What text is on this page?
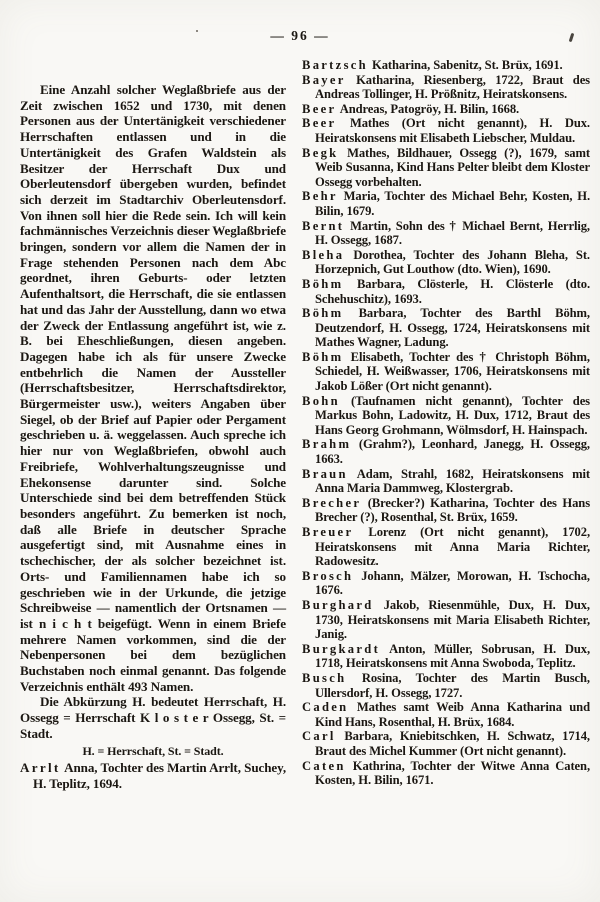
— 96 —

Eine Anzahl solcher Weglaßbriefe aus der Zeit zwischen 1652 und 1730, mit denen Personen aus der Untertänigkeit verschiedener Herrschaften entlassen und in die Untertänigkeit des Grafen Waldstein als Besitzer der Herrschaft Dux und Oberleutensdorf übergeben wurden, befindet sich derzeit im Stadtarchiv Oberleutensdorf. Von ihnen soll hier die Rede sein. Ich will kein fachmännisches Verzeichnis dieser Weglaßbriefe bringen, sondern vor allem die Namen der in Frage stehenden Personen nach dem Abc geordnet, ihren Geburts- oder letzten Aufenthaltsort, die Herrschaft, die sie entlassen hat und das Jahr der Ausstellung, dann wo etwa der Zweck der Entlassung angeführt ist, wie z. B. bei Eheschließungen, diesen angeben. Dagegen habe ich als für unsere Zwecke entbehrlich die Namen der Aussteller (Herrschaftsbesitzer, Herrschaftsdirektor, Bürgermeister usw.), weiters Angaben über Siegel, ob der Brief auf Papier oder Pergament geschrieben u. ä. weggelassen. Auch spreche ich hier nur von Weglaßbriefen, obwohl auch Freibriefe, Wohlverhaltungszeugnisse und Ehekonsense darunter sind. Solche Unterschiede sind bei dem betreffenden Stück besonders angeführt. Zu bemerken ist noch, daß alle Briefe in deutscher Sprache ausgefertigt sind, mit Ausnahme eines in tschechischer, der als solcher bezeichnet ist. Orts- und Familiennamen habe ich so geschrieben wie in der Urkunde, die jetzige Schreibweise — namentlich der Ortsnamen — ist n i c h t beigefügt. Wenn in einem Briefe mehrere Namen vorkommen, sind die der Nebenpersonen bei dem bezüglichen Buchstaben noch einmal genannt. Das folgende Verzeichnis enthält 493 Namen.

Die Abkürzung H. bedeutet Herrschaft, H. Ossegg = Herrschaft K l o s t e r Ossegg, St. = Stadt.

H. = Herrschaft, St. = Stadt.

Arrlt Anna, Tochter des Martin Arrlt, Suchey, H. Teplitz, 1694.

Bartzsch Katharina, Sabenitz, St. Brüx, 1691.

Bayer Katharina, Riesenberg, 1722, Braut des Andreas Tollinger, H. Prößnitz, Heiratskonsens.

Beer Andreas, Patogröy, H. Bilin, 1668.

Beer Mathes (Ort nicht genannt), H. Dux. Heiratskonsens mit Elisabeth Liebscher, Muldau.

Begk Mathes, Bildhauer, Ossegg (?), 1679, samt Weib Susanna, Kind Hans Pelter bleibt dem Kloster Ossegg vorbehalten.

Behr Maria, Tochter des Michael Behr, Kosten, H. Bilin, 1679.

Bernt Martin, Sohn des † Michael Bernt, Herrlig, H. Ossegg, 1687.

Bleha Dorothea, Tochter des Johann Bleha, St. Horzepnich, Gut Louthow (dto. Wien), 1690.

Böhm Barbara, Clösterle, H. Clösterle (dto. Schehuschitz), 1693.

Böhm Barbara, Tochter des Barthl Böhm, Deutzendorf, H. Ossegg, 1724, Heiratskonsens mit Mathes Wagner, Ladung.

Böhm Elisabeth, Tochter des † Christoph Böhm, Schiedel, H. Weißwasser, 1706, Heiratskonsens mit Jakob Lößer (Ort nicht genannt).

Bohn (Taufnamen nicht genannt), Tochter des Markus Bohn, Ladowitz, H. Dux, 1712, Braut des Hans Georg Grohmann, Wölmsdorf, H. Hainspach.

Brahm (Grahm?), Leonhard, Janegg, H. Ossegg, 1663.

Braun Adam, Strahl, 1682, Heiratskonsens mit Anna Maria Dammweg, Klostergrab.

Brecher (Brecker?) Katharina, Tochter des Hans Brecher (?), Rosenthal, St. Brüx, 1659.

Breuer Lorenz (Ort nicht genannt), 1702, Heiratskonsens mit Anna Maria Richter, Radowesitz.

Brosch Johann, Mälzer, Morowan, H. Tschocha, 1676.

Burghard Jakob, Riesenmühle, Dux, H. Dux, 1730, Heiratskonsens mit Maria Elisabeth Richter, Janig.

Burgkardt Anton, Müller, Sobrusan, H. Dux, 1718, Heiratskonsens mit Anna Swoboda, Teplitz.

Busch Rosina, Tochter des Martin Busch, Ullersdorf, H. Ossegg, 1727.

Caden Mathes samt Weib Anna Katharina und Kind Hans, Rosenthal, H. Brüx, 1684.

Carl Barbara, Kniebitschken, H. Schwatz, 1714, Braut des Michel Kummer (Ort nicht genannt).

Caten Kathrina, Tochter der Witwe Anna Caten, Kosten, H. Bilin, 1671.
